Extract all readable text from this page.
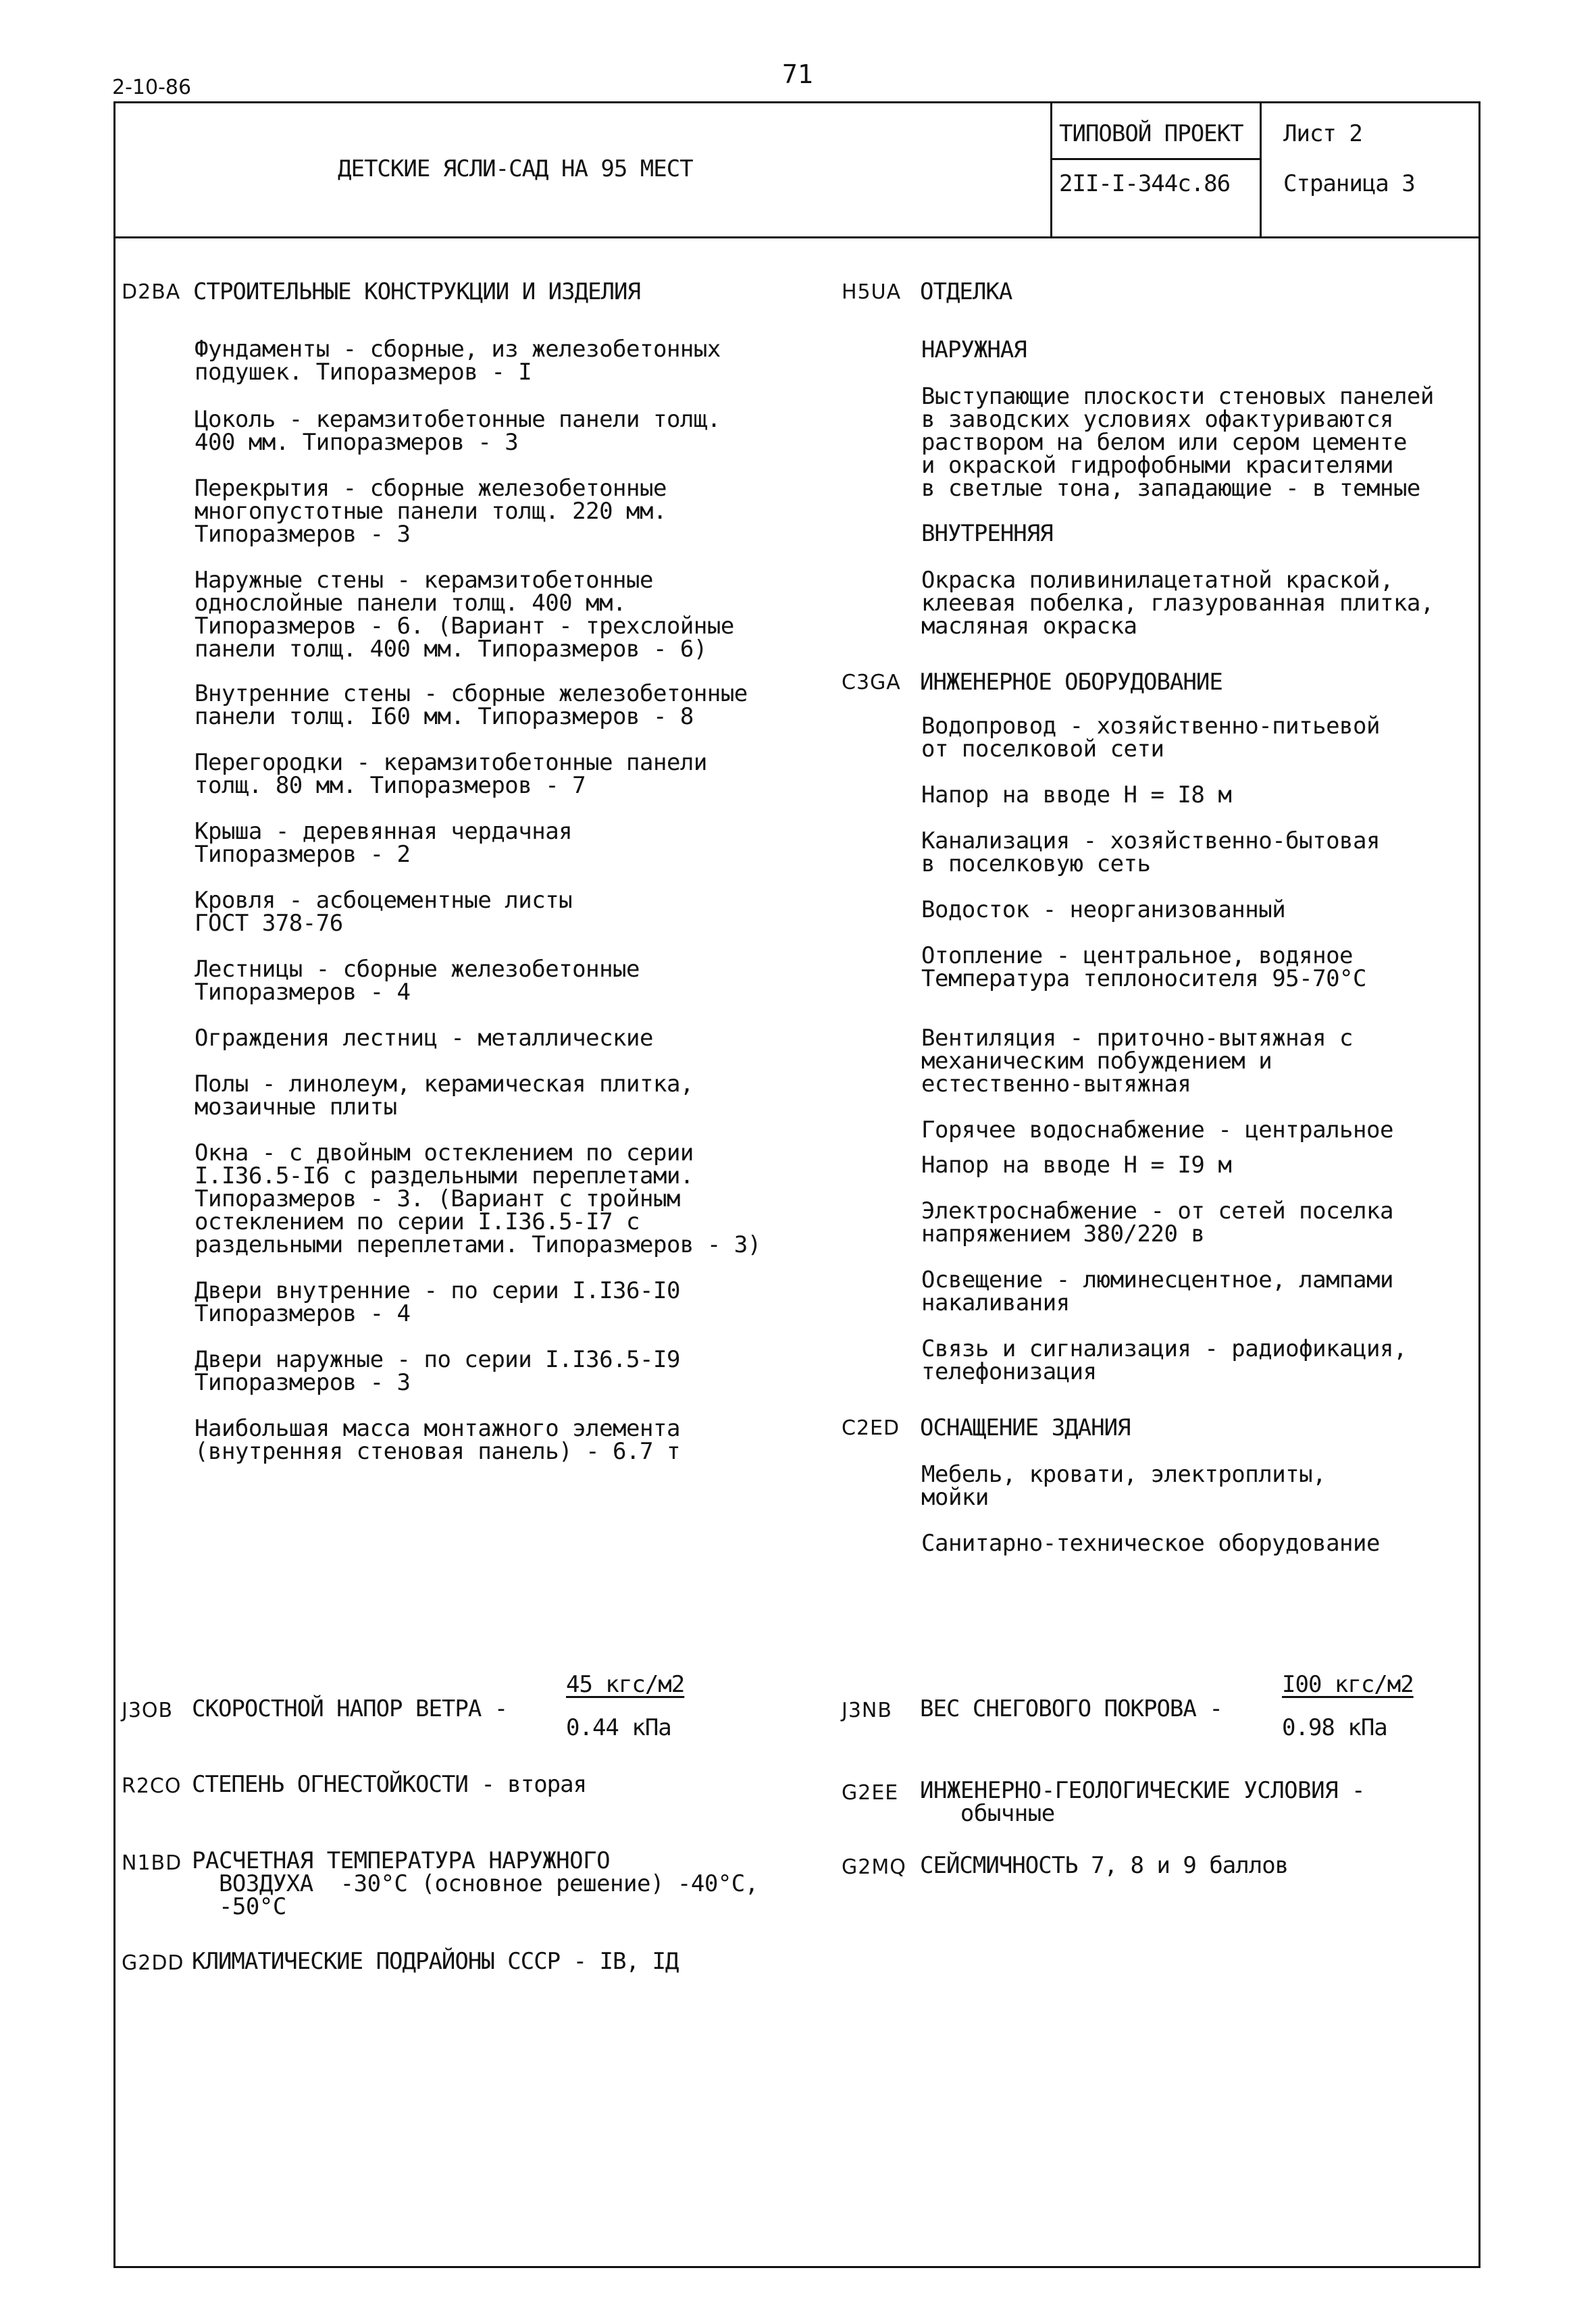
2-10-86	71
ДЕТСКИЕ ЯСЛИ-САД НА 95 МЕСТ
ТИПОВОЙ ПРОЕКТ
2II-I-344с.86
Лист 2
Страница 3
D2BA СТРОИТЕЛЬНЫЕ КОНСТРУКЦИИ И ИЗДЕЛИЯ
Фундаменты - сборные, из железобетонных
подушек. Типоразмеров - I
Цоколь - керамзитобетонные панели толщ.
400 мм. Типоразмеров - 3
Перекрытия - сборные железобетонные
многопустотные панели толщ. 220 мм.
Типоразмеров - 3
Наружные стены - керамзитобетонные
однослойные панели толщ. 400 мм.
Типоразмеров - 6. (Вариант - трехслойные
панели толщ. 400 мм. Типоразмеров - 6)
Внутренние стены - сборные железобетонные
панели толщ. I60 мм. Типоразмеров - 8
Перегородки - керамзитобетонные панели
толщ. 80 мм. Типоразмеров - 7
Крыша - деревянная чердачная
Типоразмеров - 2
Кровля - асбоцементные листы
ГОСТ 378-76
Лестницы - сборные железобетонные
Типоразмеров - 4
Ограждения лестниц - металлические
Полы - линолеум, керамическая плитка,
мозаичные плиты
Окна - с двойным остеклением по серии
I.I36.5-I6 с раздельными переплетами.
Типоразмеров - 3. (Вариант с тройным
остеклением по серии I.I36.5-I7 с
раздельными переплетами. Типоразмеров - 3)
Двери внутренние - по серии I.I36-I0
Типоразмеров - 4
Двери наружные - по серии I.I36.5-I9
Типоразмеров - 3
Наибольшая масса монтажного элемента
(внутренняя стеновая панель) - 6.7 т
H5UA ОТДЕЛКА
НАРУЖНАЯ
Выступающие плоскости стеновых панелей
в заводских условиях офактуриваются
раствором на белом или сером цементе
и окраской гидрофобными красителями
в светлые тона, западающие - в темные
ВНУТРЕННЯЯ
Окраска поливинилацетатной краской,
клеевая побелка, глазурованная плитка,
масляная окраска
C3GA ИНЖЕНЕРНОЕ ОБОРУДОВАНИЕ
Водопровод - хозяйственно-питьевой
от поселковой сети
Напор на вводе Н = I8 м
Канализация - хозяйственно-бытовая
в поселковую сеть
Водосток - неорганизованный
Отопление - центральное, водяное
Температура теплоносителя 95-70°С
Вентиляция - приточно-вытяжная с
механическим побуждением и
естественно-вытяжная
Горячее водоснабжение - центральное
Напор на вводе Н = I9 м
Электроснабжение - от сетей поселка
напряжением 380/220 в
Освещение - люминесцентное, лампами
накаливания
Связь и сигнализация - радиофикация,
телефонизация
C2ED ОСНАЩЕНИЕ ЗДАНИЯ
Мебель, кровати, электроплиты,
мойки
Санитарно-техническое оборудование
J3OB СКОРОСТНОЙ НАПОР ВЕТРА -
45 кгс/м2
0.44 кПа
J3NB ВЕС СНЕГОВОГО ПОКРОВА -
I00 кгс/м2
0.98 кПа
R2CO СТЕПЕНЬ ОГНЕСТОЙКОСТИ - вторая	G2EE ИНЖЕНЕРНО-ГЕОЛОГИЧЕСКИЕ УСЛОВИЯ -
обычные
N1BD РАСЧЕТНАЯ ТЕМПЕРАТУРА НАРУЖНОГО
ВОЗДУХА  -30°С (основное решение) -40°С,
-50°С
G2MQ СЕЙСМИЧНОСТЬ 7, 8 и 9 баллов
G2DD КЛИМАТИЧЕСКИЕ ПОДРАЙОНЫ СССР - IВ, IД
